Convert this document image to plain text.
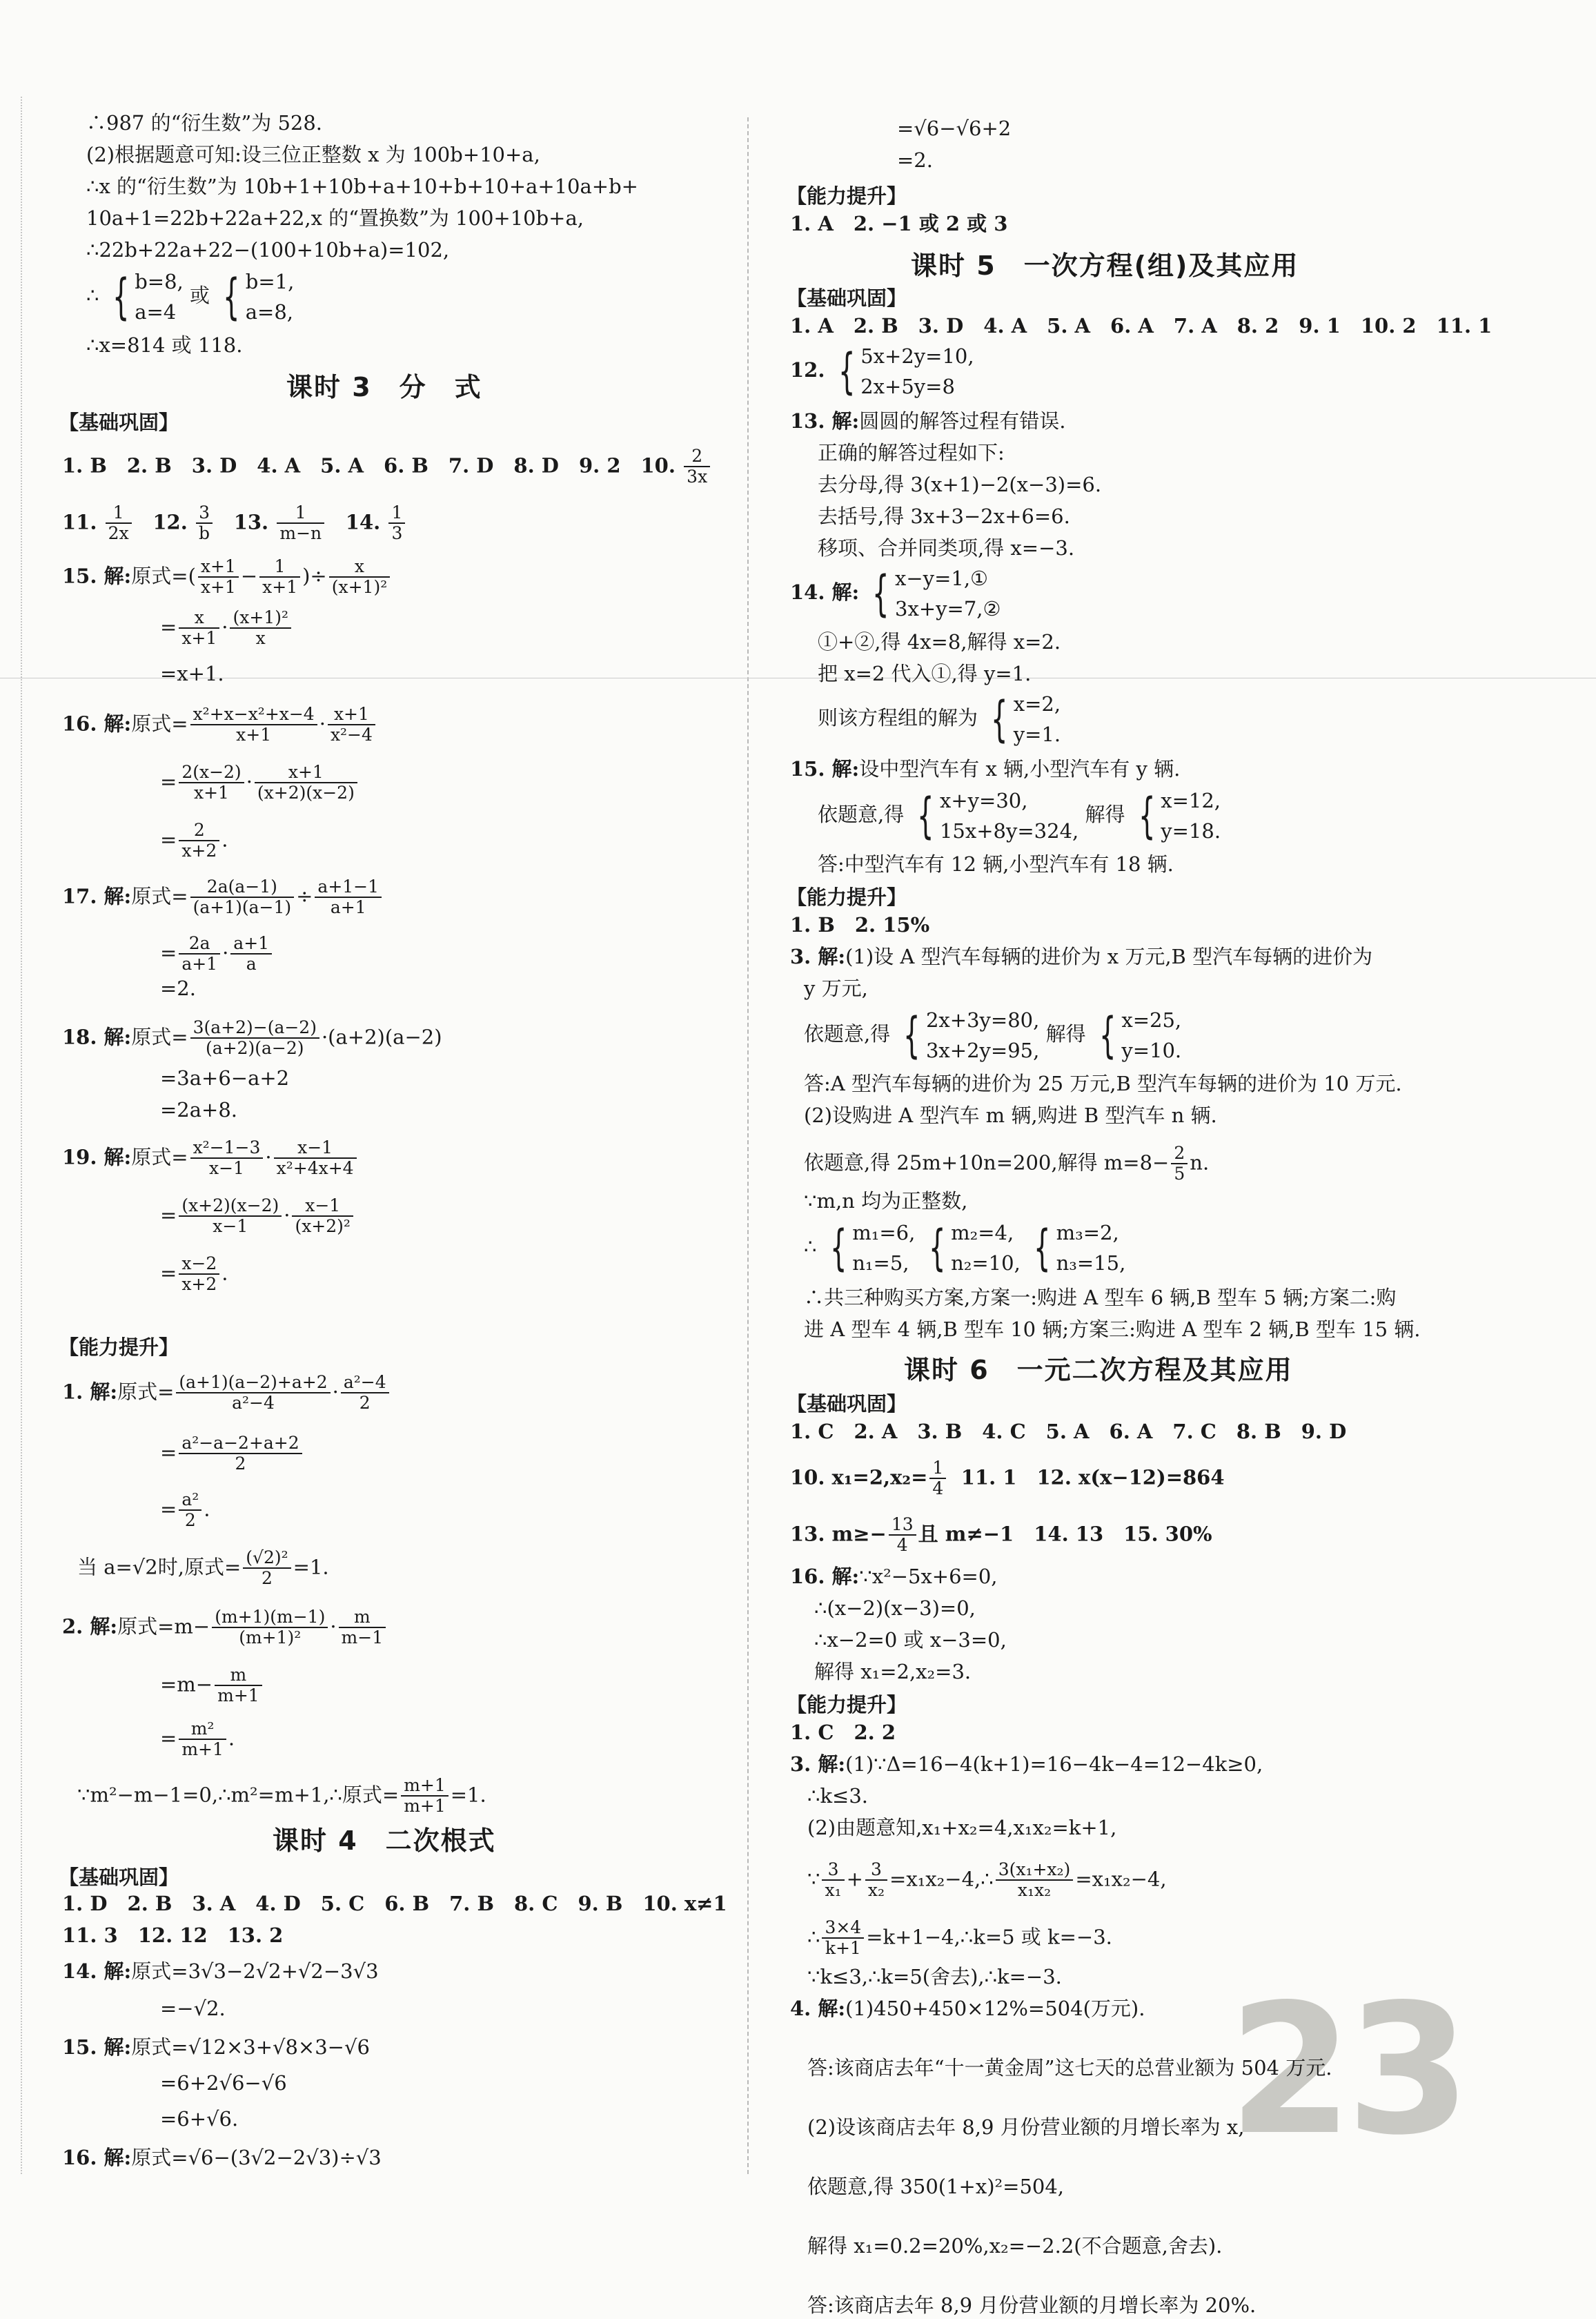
23
∴987 的“衍生数”为 528.
(2)根据题意可知:设三位正整数 x 为 100b+10+a,
∴x 的“衍生数”为 10b+1+10b+a+10+b+10+a+10a+b+
10a+1=22b+22a+22,x 的“置换数”为 100+10b+a,
∴22b+22a+22−(100+10b+a)=102,
∴ { b=8,
a=4
或 { b=1,
a=8,
∴x=814 或 118.
课时 3　分　式
【基础巩固】
1. B　2. B　3. D　4. A　5. A　6. B　7. D　8. D　9. 2　10. $\frac{2}{3x}$
11. $\frac{1}{2x} 12$. $\frac{3}{b} 13$. $\frac{1}{m-n} 14$. $\frac{1}{3}$
15. 解:原式=( $\frac{x+1}{x+1} - \frac{1}{x+1}$ )÷ $\frac{x}{\text{(x+1)²}}$
= $\frac{x}{x+1} \cdot \frac{\text{(x+1)²}}{x}$
=x+1.
16. 解:原式= $\frac{\text{x²+x−x²+x−4}}{x+1} \cdot \frac{x+1}{\text{x²−4}}$
= $\frac{2(x-2)}{x+1} \cdot \frac{x+1}{(x+2)(x-2)}$
= $\frac{2}{x+2}$ .
17. 解:原式= $\frac{2a(a-1)}{(a+1)(a-1)} \div \frac{a+1-1}{a+1}$
= $\frac{2a}{a+1} \cdot \frac{a+1}{a}$
=2.
18. 解:原式= $\frac{3(a+2)-(a-2)}{(a+2)(a-2)} \cdot(a+2)(a-2)$
=3a+6−a+2
=2a+8.
19. 解:原式= $\frac{\text{x²−1−3}}{x-1} \cdot \frac{x-1}{\text{x²+4x+4}}$
= $\frac{(x+2)(x-2)}{x-1} \cdot \frac{x-1}{\text{(x+2)²}}$
= $\frac{x-2}{x+2}$ .
【能力提升】
1. 解:原式= $\frac{(a+1)(a-2)+a+2}{\text{a²−4}} \cdot \frac{\text{a²−4}}{2}$
= $\frac{\text{a²−a−2+a+2}}{2}$
= $\frac{\text{a²}}{2}$ .
当 a=√2时,原式= $\frac{\text{(√2)²}}{2} =1$.
2. 解:原式$=m- \frac{(m+1)(m-1)}{\text{(m+1)²}} \cdot \frac{m}{m-1}$
$=m- \frac{m}{m+1}$
= $\frac{\text{m²}}{m+1}$ .
∵m²−m−1=0,∴m²=m+1,∴原式= $\frac{m+1}{m+1} =1$.
课时 4　二次根式
【基础巩固】
1. D　2. B　3. A　4. D　5. C　6. B　7. B　8. C　9. B　10. x≠1
11. 3　12. 12　13. 2
14. 解:原式=3√3−2√2+√2−3√3
=−√2.
15. 解:原式=√12×3+√8×3−√6
=6+2√6−√6
=6+√6.
16. 解:原式=√6−(3√2−2√3)÷√3
=√6−√6+2
=2.
【能力提升】
1. A　2. −1 或 2 或 3
课时 5　一次方程(组)及其应用
【基础巩固】
1. A　2. B　3. D　4. A　5. A　6. A　7. A　8. 2　9. 1　10. 2　11. 1
12. { 5x+2y=10,
2x+5y=8
13. 解:圆圆的解答过程有错误.
正确的解答过程如下:
去分母,得 3(x+1)−2(x−3)=6.
去括号,得 3x+3−2x+6=6.
移项、合并同类项,得 x=−3.
14. 解: { x−y=1,①
3x+y=7,②
①+②,得 4x=8,解得 x=2.
把 x=2 代入①,得 y=1.
则该方程组的解为 { x=2,
y=1.
15. 解:设中型汽车有 x 辆,小型汽车有 y 辆.
依题意,得 { x+y=30,
15x+8y=324,
解得 { x=12,
y=18.
答:中型汽车有 12 辆,小型汽车有 18 辆.
【能力提升】
1. B　2. 15%
3. 解:(1)设 A 型汽车每辆的进价为 x 万元,B 型汽车每辆的进价为
y 万元,
依题意,得 { 2x+3y=80,
3x+2y=95,
解得 { x=25,
y=10.
答:A 型汽车每辆的进价为 25 万元,B 型汽车每辆的进价为 10 万元.
(2)设购进 A 型汽车 m 辆,购进 B 型汽车 n 辆.
依题意,得 25m+10n=200,解得 $m=8- \frac{2}{5} n$.
∵m,n 均为正整数,
∴ { m₁=6,
n₁=5,
{ m₂=4,
n₂=10,
{ m₃=2,
n₃=15,
∴共三种购买方案,方案一:购进 A 型车 6 辆,B 型车 5 辆;方案二:购
进 A 型车 4 辆,B 型车 10 辆;方案三:购进 A 型车 2 辆,B 型车 15 辆.
课时 6　一元二次方程及其应用
【基础巩固】
1. C　2. A　3. B　4. C　5. A　6. A　7. C　8. B　9. D
10. $x_1=2,x_2= \frac{1}{4} 11$. 1　12. x(x−12)=864
13. $m\ge- \frac{13}{4}$ 且 m≠−1　14. 13　15. 30%
16. 解:∵x²−5x+6=0,
∴(x−2)(x−3)=0,
∴x−2=0 或 x−3=0,
解得 x₁=2,x₂=3.
【能力提升】
1. C　2. 2
3. 解:(1)∵Δ=16−4(k+1)=16−4k−4=12−4k≥0,
∴k≤3.
(2)由题意知,x₁+x₂=4,x₁x₂=k+1,
∵ $\frac{3}{\text{x₁}} + \frac{3}{\text{x₂}}$ =x₁x₂−4,∴ $\frac{\text{3(x₁+x₂)}}{\text{x₁x₂}} =x_1x_2-4$,
∴ $\frac{3\times 4}{k+1}$ =k+1−4,∴k=5 或 k=−3.
∵k≤3,∴k=5(舍去),∴k=−3.
4. 解:(1)450+450×12%=504(万元).
答:该商店去年“十一黄金周”这七天的总营业额为 504 万元.
(2)设该商店去年 8,9 月份营业额的月增长率为 x,
依题意,得 350(1+x)²=504,
解得 x₁=0.2=20%,x₂=−2.2(不合题意,舍去).
答:该商店去年 8,9 月份营业额的月增长率为 20%.
